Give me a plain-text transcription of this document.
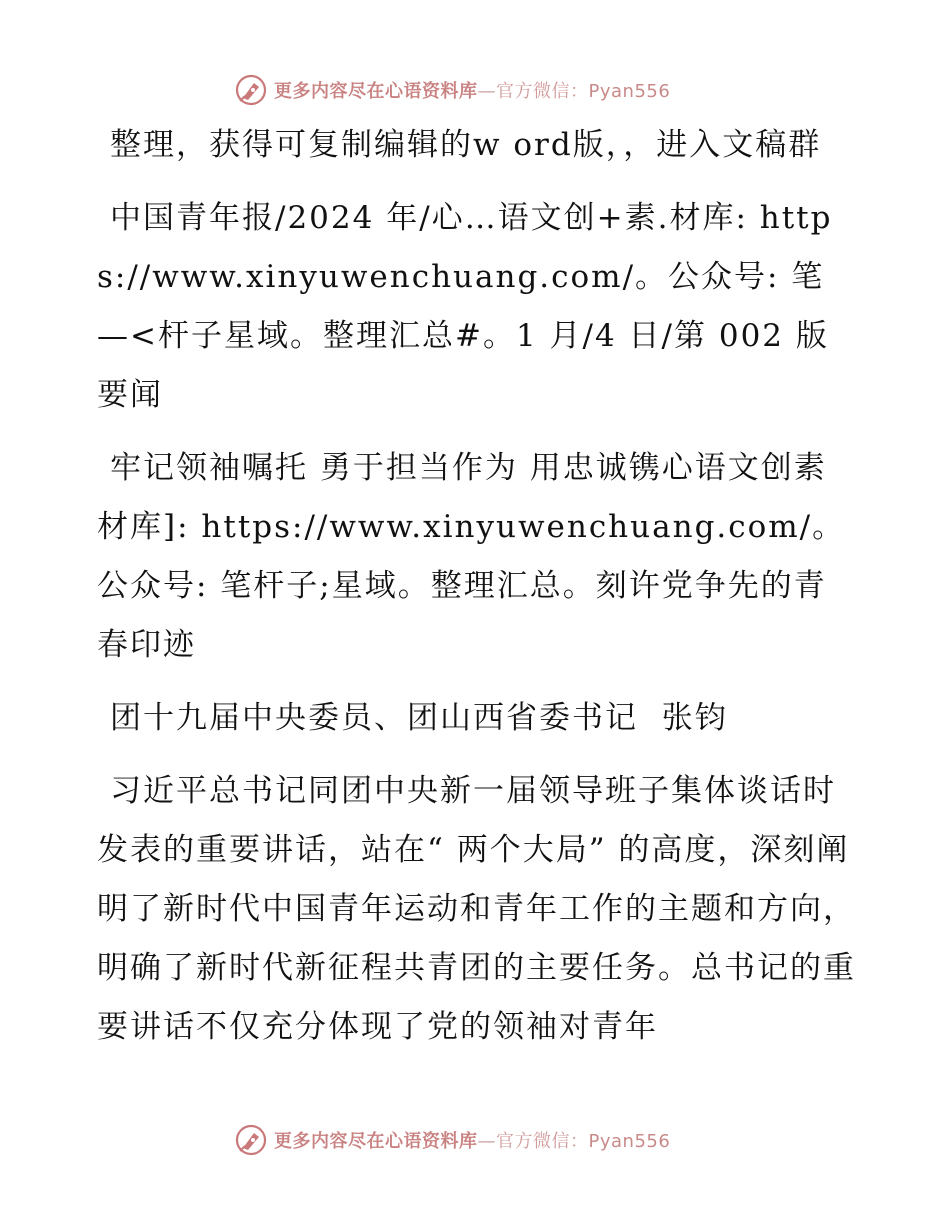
更多内容尽在心语资料库—官方微信：Pyan556

整理，获得可复制编辑的w ord版，，进入文稿群

中国青年报/2024 年/心…语文创+素.材库: https://www.xinyuwenchuang.com/。公众号: 笔—<杆子星域。整理汇总#。1 月/4 日/第 002 版要闻

牢记领袖嘱托 勇于担当作为 用忠诚镌心语文创素材库]: https://www.xinyuwenchuang.com/。公众号: 笔杆子;星域。整理汇总。刻许党争先的青春印迹

团十九届中央委员、团山西省委书记  张钧

习近平总书记同团中央新一届领导班子集体谈话时发表的重要讲话，站在“ 两个大局” 的高度，深刻阐明了新时代中国青年运动和青年工作的主题和方向，明确了新时代新征程共青团的主要任务。总书记的重要讲话不仅充分体现了党的领袖对青年

更多内容尽在心语资料库—官方微信：Pyan556
